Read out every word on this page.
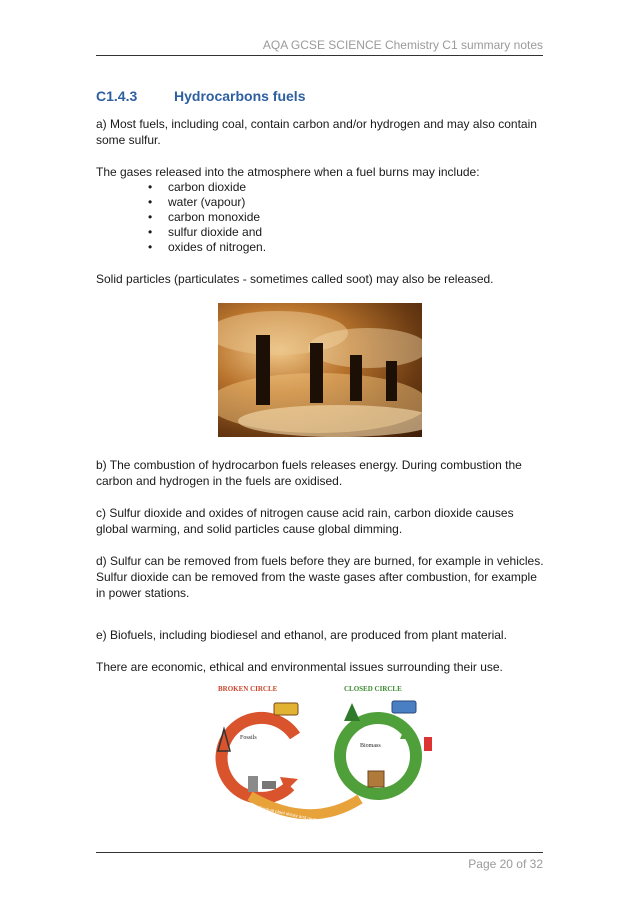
AQA GCSE SCIENCE Chemistry C1 summary notes
C1.4.3	Hydrocarbons fuels

a) Most fuels, including coal, contain carbon and/or hydrogen and may also contain some sulfur.

The gases released into the atmosphere when a fuel burns may include:

• carbon dioxide
• water (vapour)
• carbon monoxide
• sulfur dioxide and
• oxides of nitrogen.

Solid particles (particulates - sometimes called soot) may also be released.

b) The combustion of hydrocarbon fuels releases energy. During combustion the carbon and hydrogen in the fuels are oxidised.

c) Sulfur dioxide and oxides of nitrogen cause acid rain, carbon dioxide causes global warming, and solid particles cause global dimming.

d) Sulfur can be removed from fuels before they are burned, for example in vehicles. Sulfur dioxide can be removed from the waste gases after combustion, for example in power stations.

e) Biofuels, including biodiesel and ethanol, are produced from plant material.

There are economic, ethical and environmental issues surrounding their use.

BROKEN CIRCLE	CLOSED CIRCLE
Gradual plant decay and geological transformation
Fossils
Biomass
Page 20 of 32
